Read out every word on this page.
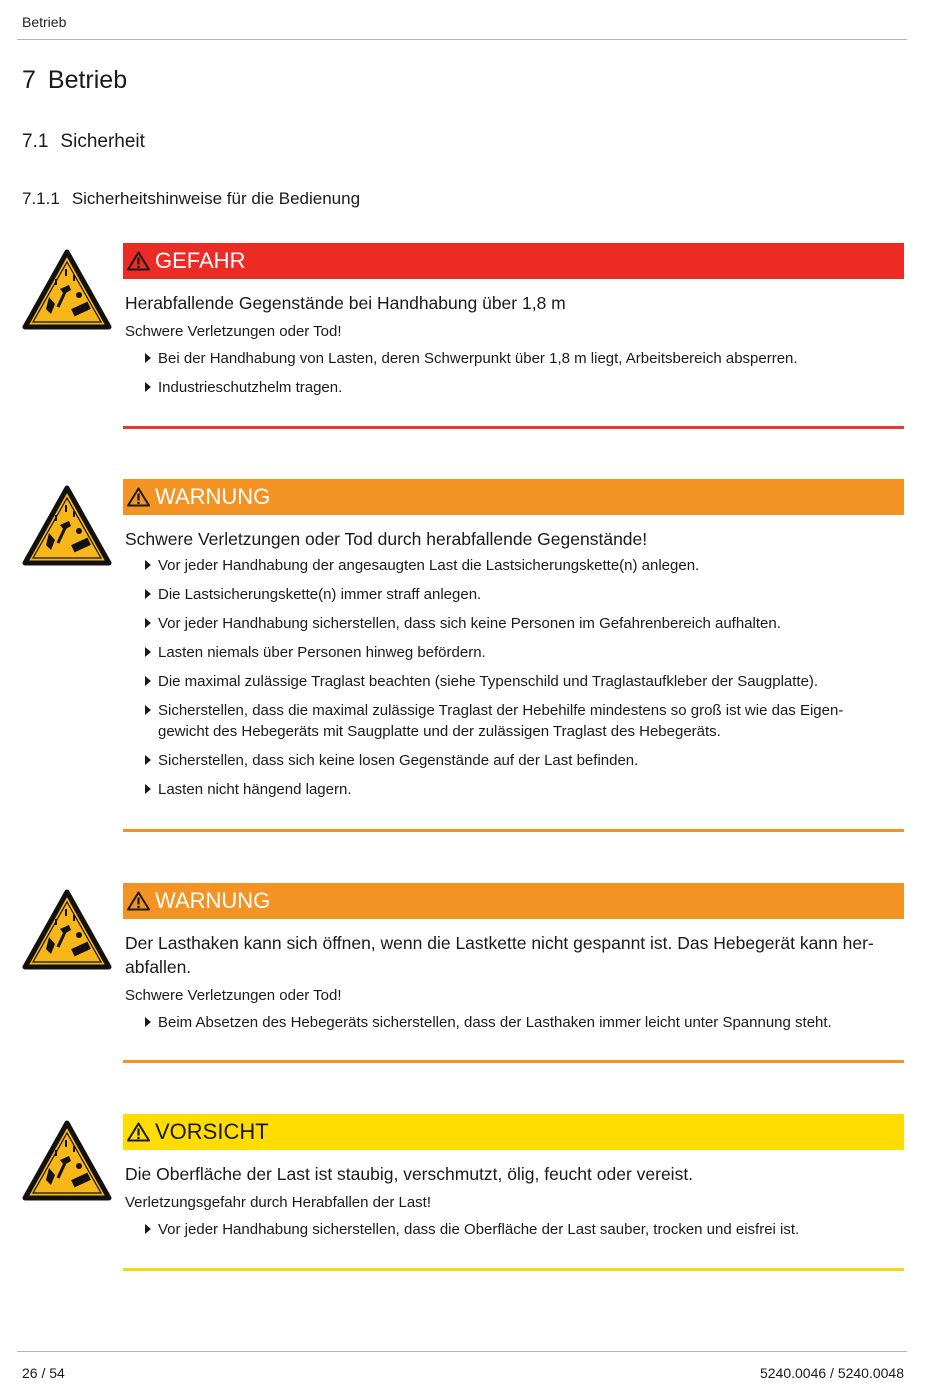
Betrieb
7 Betrieb
7.1 Sicherheit
7.1.1 Sicherheitshinweise für die Bedienung
GEFAHR
Herabfallende Gegenstände bei Handhabung über 1,8 m
Schwere Verletzungen oder Tod!
Bei der Handhabung von Lasten, deren Schwerpunkt über 1,8 m liegt, Arbeitsbereich absperren.
Industrieschutzhelm tragen.
WARNUNG
Schwere Verletzungen oder Tod durch herabfallende Gegenstände!
Vor jeder Handhabung der angesaugten Last die Lastsicherungskette(n) anlegen.
Die Lastsicherungskette(n) immer straff anlegen.
Vor jeder Handhabung sicherstellen, dass sich keine Personen im Gefahrenbereich aufhalten.
Lasten niemals über Personen hinweg befördern.
Die maximal zulässige Traglast beachten (siehe Typenschild und Traglastaufkleber der Saugplatte).
Sicherstellen, dass die maximal zulässige Traglast der Hebehilfe mindestens so groß ist wie das Eigen-gewicht des Hebegeräts mit Saugplatte und der zulässigen Traglast des Hebegeräts.
Sicherstellen, dass sich keine losen Gegenstände auf der Last befinden.
Lasten nicht hängend lagern.
WARNUNG
Der Lasthaken kann sich öffnen, wenn die Lastkette nicht gespannt ist. Das Hebegerät kann her-abfallen.
Schwere Verletzungen oder Tod!
Beim Absetzen des Hebegeräts sicherstellen, dass der Lasthaken immer leicht unter Spannung steht.
VORSICHT
Die Oberfläche der Last ist staubig, verschmutzt, ölig, feucht oder vereist.
Verletzungsgefahr durch Herabfallen der Last!
Vor jeder Handhabung sicherstellen, dass die Oberfläche der Last sauber, trocken und eisfrei ist.
26 / 54	5240.0046 / 5240.0048
